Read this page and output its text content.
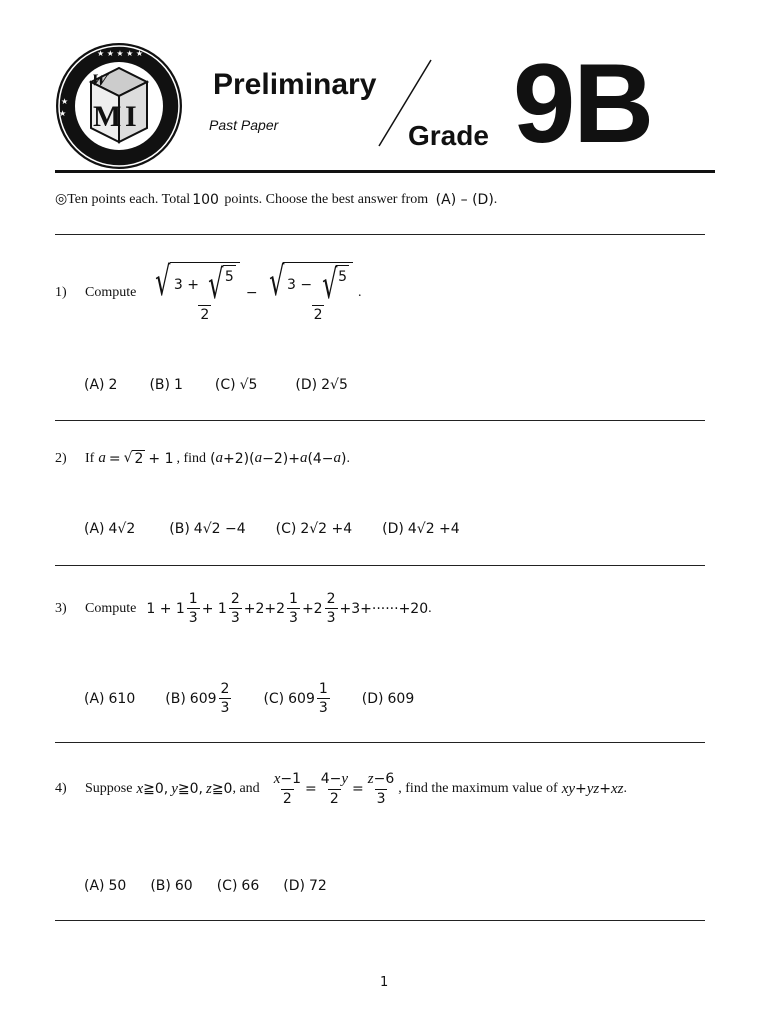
★ ★ ★ ★ ★
★
★
W
M I
Preliminary
Past Paper	Grade 9B
◎Ten points each. Total 100 points. Choose the best answer from (A) – (D) .
1)	Compute √ $\frac{3 + √ 5}{2}$ − √ $\frac{3 - √ 5}{2}$ .
(A) 2 (B) 1 (C) √5	(D) 2√5
2)	If a = √ 2 + 1 , find ( a +2)( a −2)+ a (4− a ) .
(A) 4√2 (B) 4√2 −4 (C) 2√2 +4 (D) 4√2 +4
3)	Compute $1 + 1 \frac{1}{3} + 1 \frac{2}{3} +2+2 \frac{1}{3} +2 \frac{2}{3} +3+\cdot\cdot\cdot\cdot\cdot\cdot+20$ .
(A) 610 (B) $609 \frac{2}{3} (C)$ $609 \frac{1}{3} (D)$ 609
4)	Suppose x ≧0, y ≧0, z ≧0 , and $\frac{x-1}{2} = \frac{4-y}{2} = \frac{z-6}{3}$ , find the maximum value of xy + yz + xz .
(A) 50 (B) 60 (C) 66 (D) 72
1
